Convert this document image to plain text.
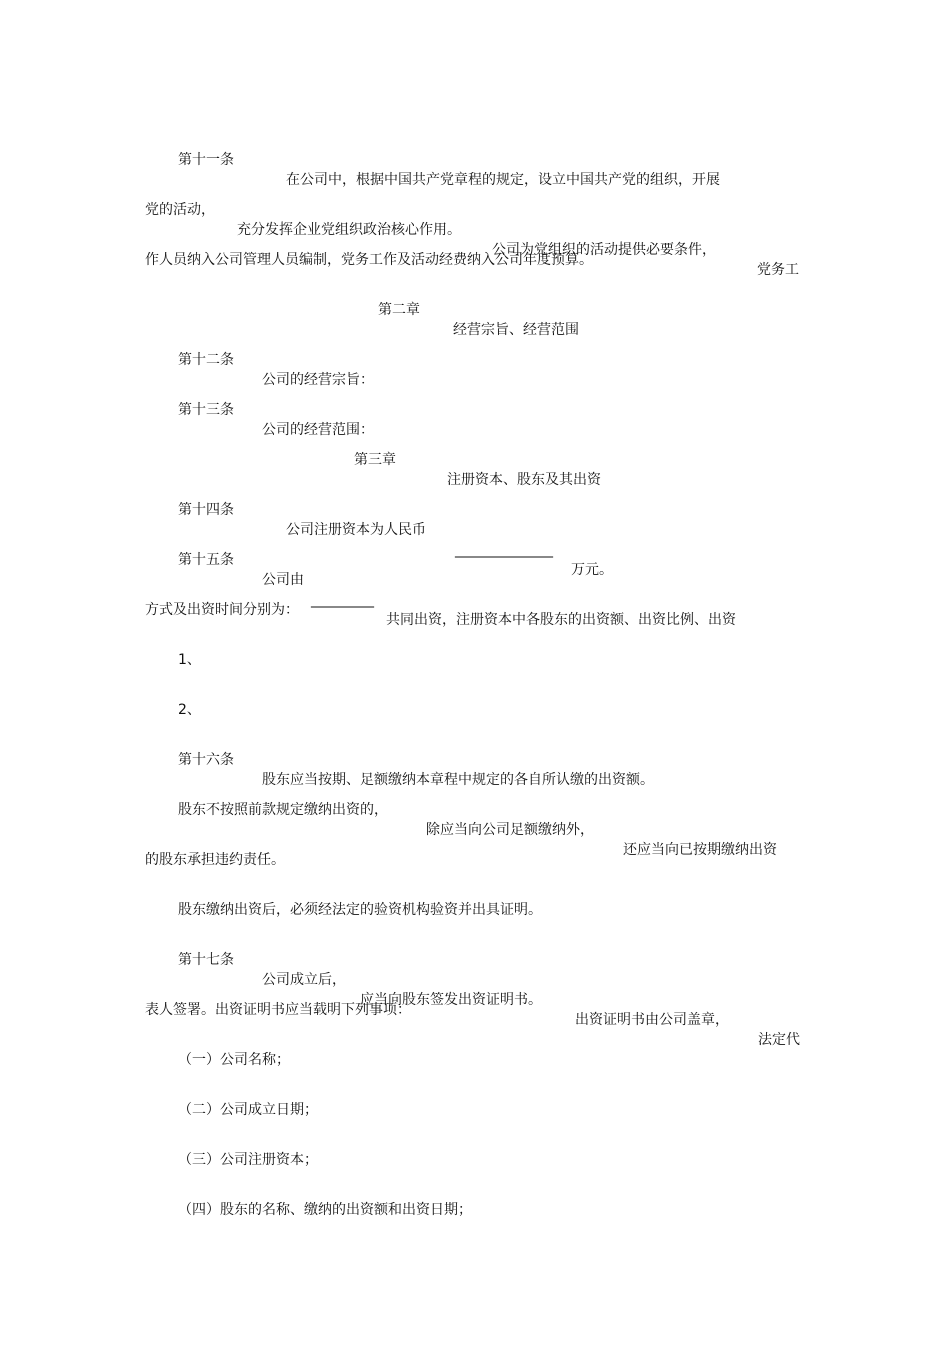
第十一条

在公司中，根据中国共产党章程的规定，设立中国共产党的组织，开展

党的活动，

充分发挥企业党组织政治核心作用。

公司为党组织的活动提供必要条件，

党务工

作人员纳入公司管理人员编制，党务工作及活动经费纳入公司年度预算。

第二章

经营宗旨、经营范围

第十二条

公司的经营宗旨：

第十三条

公司的经营范围：

第三章

注册资本、股东及其出资

第十四条

公司注册资本为人民币

______________

万元。

第十五条

公司由

_________

共同出资，注册资本中各股东的出资额、出资比例、出资

方式及出资时间分别为：

1、

2、

第十六条

股东应当按期、足额缴纳本章程中规定的各自所认缴的出资额。

股东不按照前款规定缴纳出资的，

除应当向公司足额缴纳外，

还应当向已按期缴纳出资

的股东承担违约责任。

股东缴纳出资后，必须经法定的验资机构验资并出具证明。

第十七条

公司成立后，

应当向股东签发出资证明书。

出资证明书由公司盖章，

法定代

表人签署。出资证明书应当载明下列事项：

（一）公司名称；

（二）公司成立日期；

（三）公司注册资本；

（四）股东的名称、缴纳的出资额和出资日期；
